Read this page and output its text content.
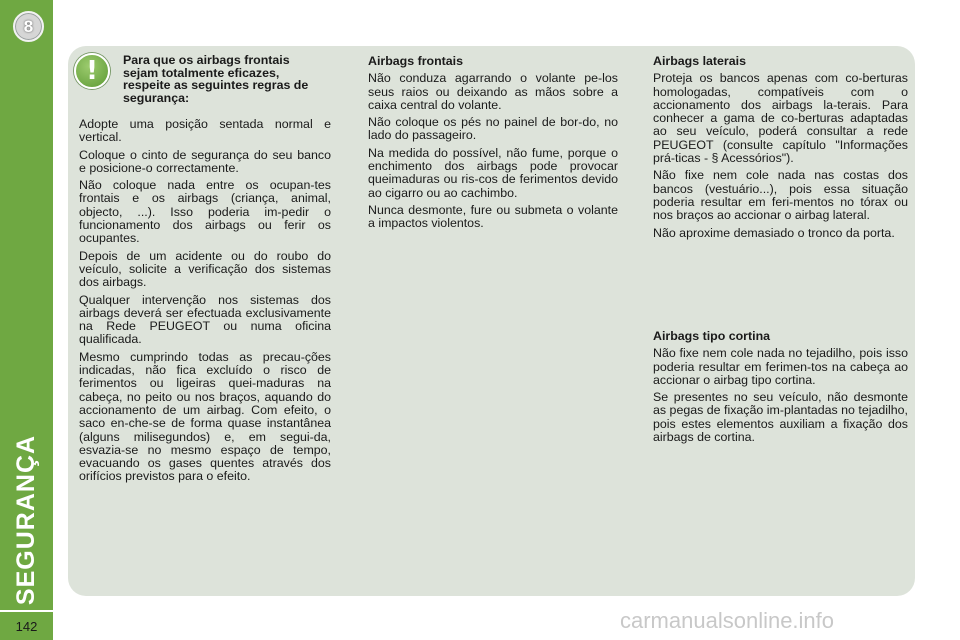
8
SEGURANÇA
142
! Para que os airbags frontais sejam totalmente eficazes, respeite as seguintes regras de segurança:

Adopte uma posição sentada normal e vertical.

Coloque o cinto de segurança do seu banco e posicione-o correctamente.

Não coloque nada entre os ocupan-tes frontais e os airbags (criança, animal, objecto, ...). Isso poderia im-pedir o funcionamento dos airbags ou ferir os ocupantes.

Depois de um acidente ou do roubo do veículo, solicite a verificação dos sistemas dos airbags.

Qualquer intervenção nos sistemas dos airbags deverá ser efectuada exclusivamente na Rede PEUGEOT ou numa oficina qualificada.

Mesmo cumprindo todas as precau-ções indicadas, não fica excluído o risco de ferimentos ou ligeiras quei-maduras na cabeça, no peito ou nos braços, aquando do accionamento de um airbag. Com efeito, o saco en-che-se de forma quase instantânea (alguns milisegundos) e, em segui-da, esvazia-se no mesmo espaço de tempo, evacuando os gases quentes através dos orifícios previstos para o efeito.

Airbags frontais

Não conduza agarrando o volante pe-los seus raios ou deixando as mãos sobre a caixa central do volante.

Não coloque os pés no painel de bor-do, no lado do passageiro.

Na medida do possível, não fume, porque o enchimento dos airbags pode provocar queimaduras ou ris-cos de ferimentos devido ao cigarro ou ao cachimbo.

Nunca desmonte, fure ou submeta o volante a impactos violentos.

Airbags laterais

Proteja os bancos apenas com co-berturas homologadas, compatíveis com o accionamento dos airbags la-terais. Para conhecer a gama de co-berturas adaptadas ao seu veículo, poderá consultar a rede PEUGEOT (consulte capítulo "Informações prá-ticas - § Acessórios").

Não fixe nem cole nada nas costas dos bancos (vestuário...), pois essa situação poderia resultar em feri-mentos no tórax ou nos braços ao accionar o airbag lateral.

Não aproxime demasiado o tronco da porta.

Airbags tipo cortina

Não fixe nem cole nada no tejadilho, pois isso poderia resultar em ferimen-tos na cabeça ao accionar o airbag tipo cortina.

Se presentes no seu veículo, não desmonte as pegas de fixação im-plantadas no tejadilho, pois estes elementos auxiliam a fixação dos airbags de cortina.

carmanualsonline.info
